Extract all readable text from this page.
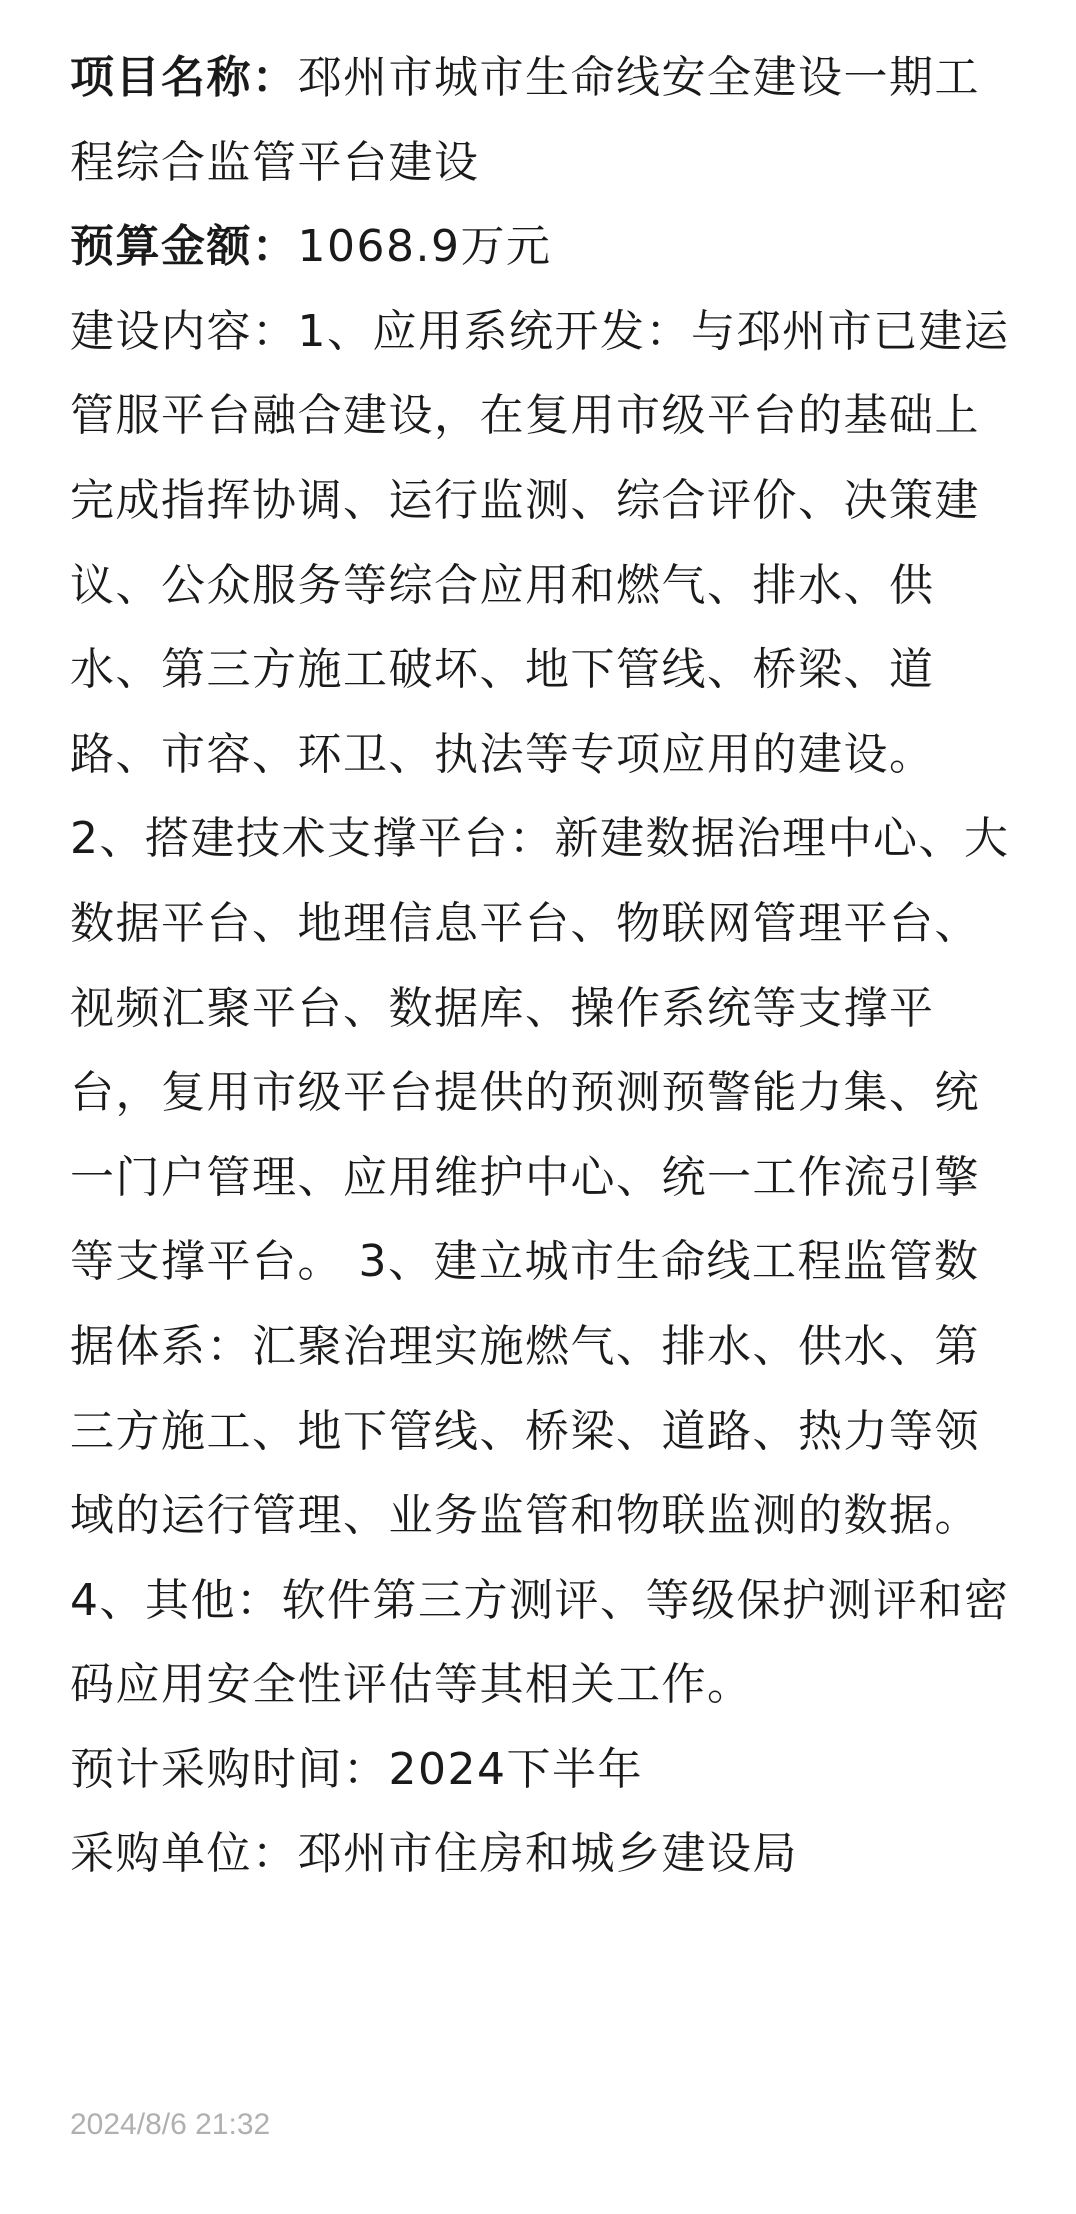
项目名称：邳州市城市生命线安全建设一期工程综合监管平台建设

预算金额：1068.9万元

建设内容：1、应用系统开发：与邳州市已建运管服平台融合建设，在复用市级平台的基础上完成指挥协调、运行监测、综合评价、决策建议、公众服务等综合应用和燃气、排水、供水、第三方施工破坏、地下管线、桥梁、道路、市容、环卫、执法等专项应用的建设。 2、搭建技术支撑平台：新建数据治理中心、大数据平台、地理信息平台、物联网管理平台、视频汇聚平台、数据库、操作系统等支撑平台，复用市级平台提供的预测预警能力集、统一门户管理、应用维护中心、统一工作流引擎等支撑平台。 3、建立城市生命线工程监管数据体系：汇聚治理实施燃气、排水、供水、第三方施工、地下管线、桥梁、道路、热力等领域的运行管理、业务监管和物联监测的数据。 4、其他：软件第三方测评、等级保护测评和密码应用安全性评估等其相关工作。

预计采购时间：2024下半年

采购单位：邳州市住房和城乡建设局

2024/8/6 21:32
